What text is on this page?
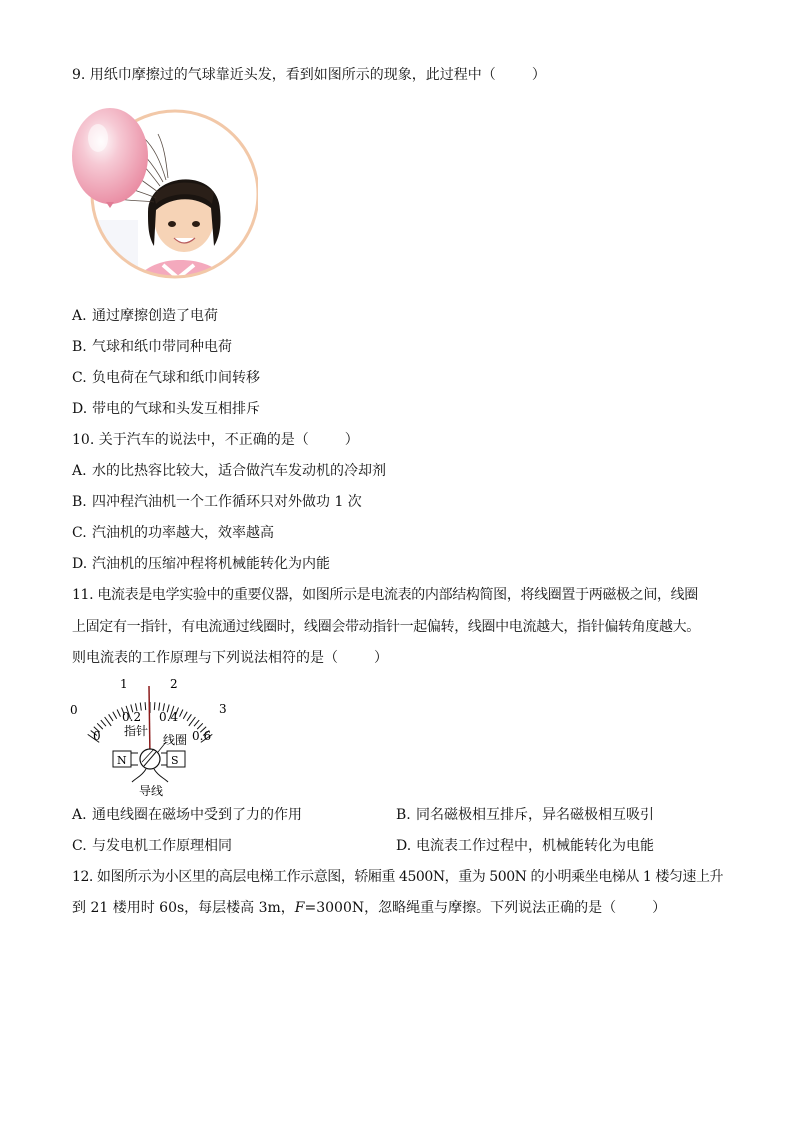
9. 用纸巾摩擦过的气球靠近头发，看到如图所示的现象，此过程中（	）
A. 通过摩擦创造了电荷
B. 气球和纸巾带同种电荷
C. 负电荷在气球和纸巾间转移
D. 带电的气球和头发互相排斥
10. 关于汽车的说法中，不正确的是（	）
A. 水的比热容比较大，适合做汽车发动机的冷却剂
B. 四冲程汽油机一个工作循环只对外做功 1 次
C. 汽油机的功率越大，效率越高
D. 汽油机的压缩冲程将机械能转化为内能
11. 电流表是电学实验中的重要仪器，如图所示是电流表的内部结构简图，将线圈置于两磁极之间，线圈
上固定有一指针，有电流通过线圈时，线圈会带动指针一起偏转，线圈中电流越大，指针偏转角度越大。
则电流表的工作原理与下列说法相符的是（	）
0
1	2
3
0
0.2 0.4
0.6
指针
线圈
N	S
导线
A. 通电线圈在磁场中受到了力的作用	B. 同名磁极相互排斥，异名磁极相互吸引
C. 与发电机工作原理相同	D. 电流表工作过程中，机械能转化为电能
12. 如图所示为小区里的高层电梯工作示意图，轿厢重 4500N，重为 500N 的小明乘坐电梯从 1 楼匀速上升
到 21 楼用时 60s，每层楼高 3m，F=3000N，忽略绳重与摩擦。下列说法正确的是（	）
